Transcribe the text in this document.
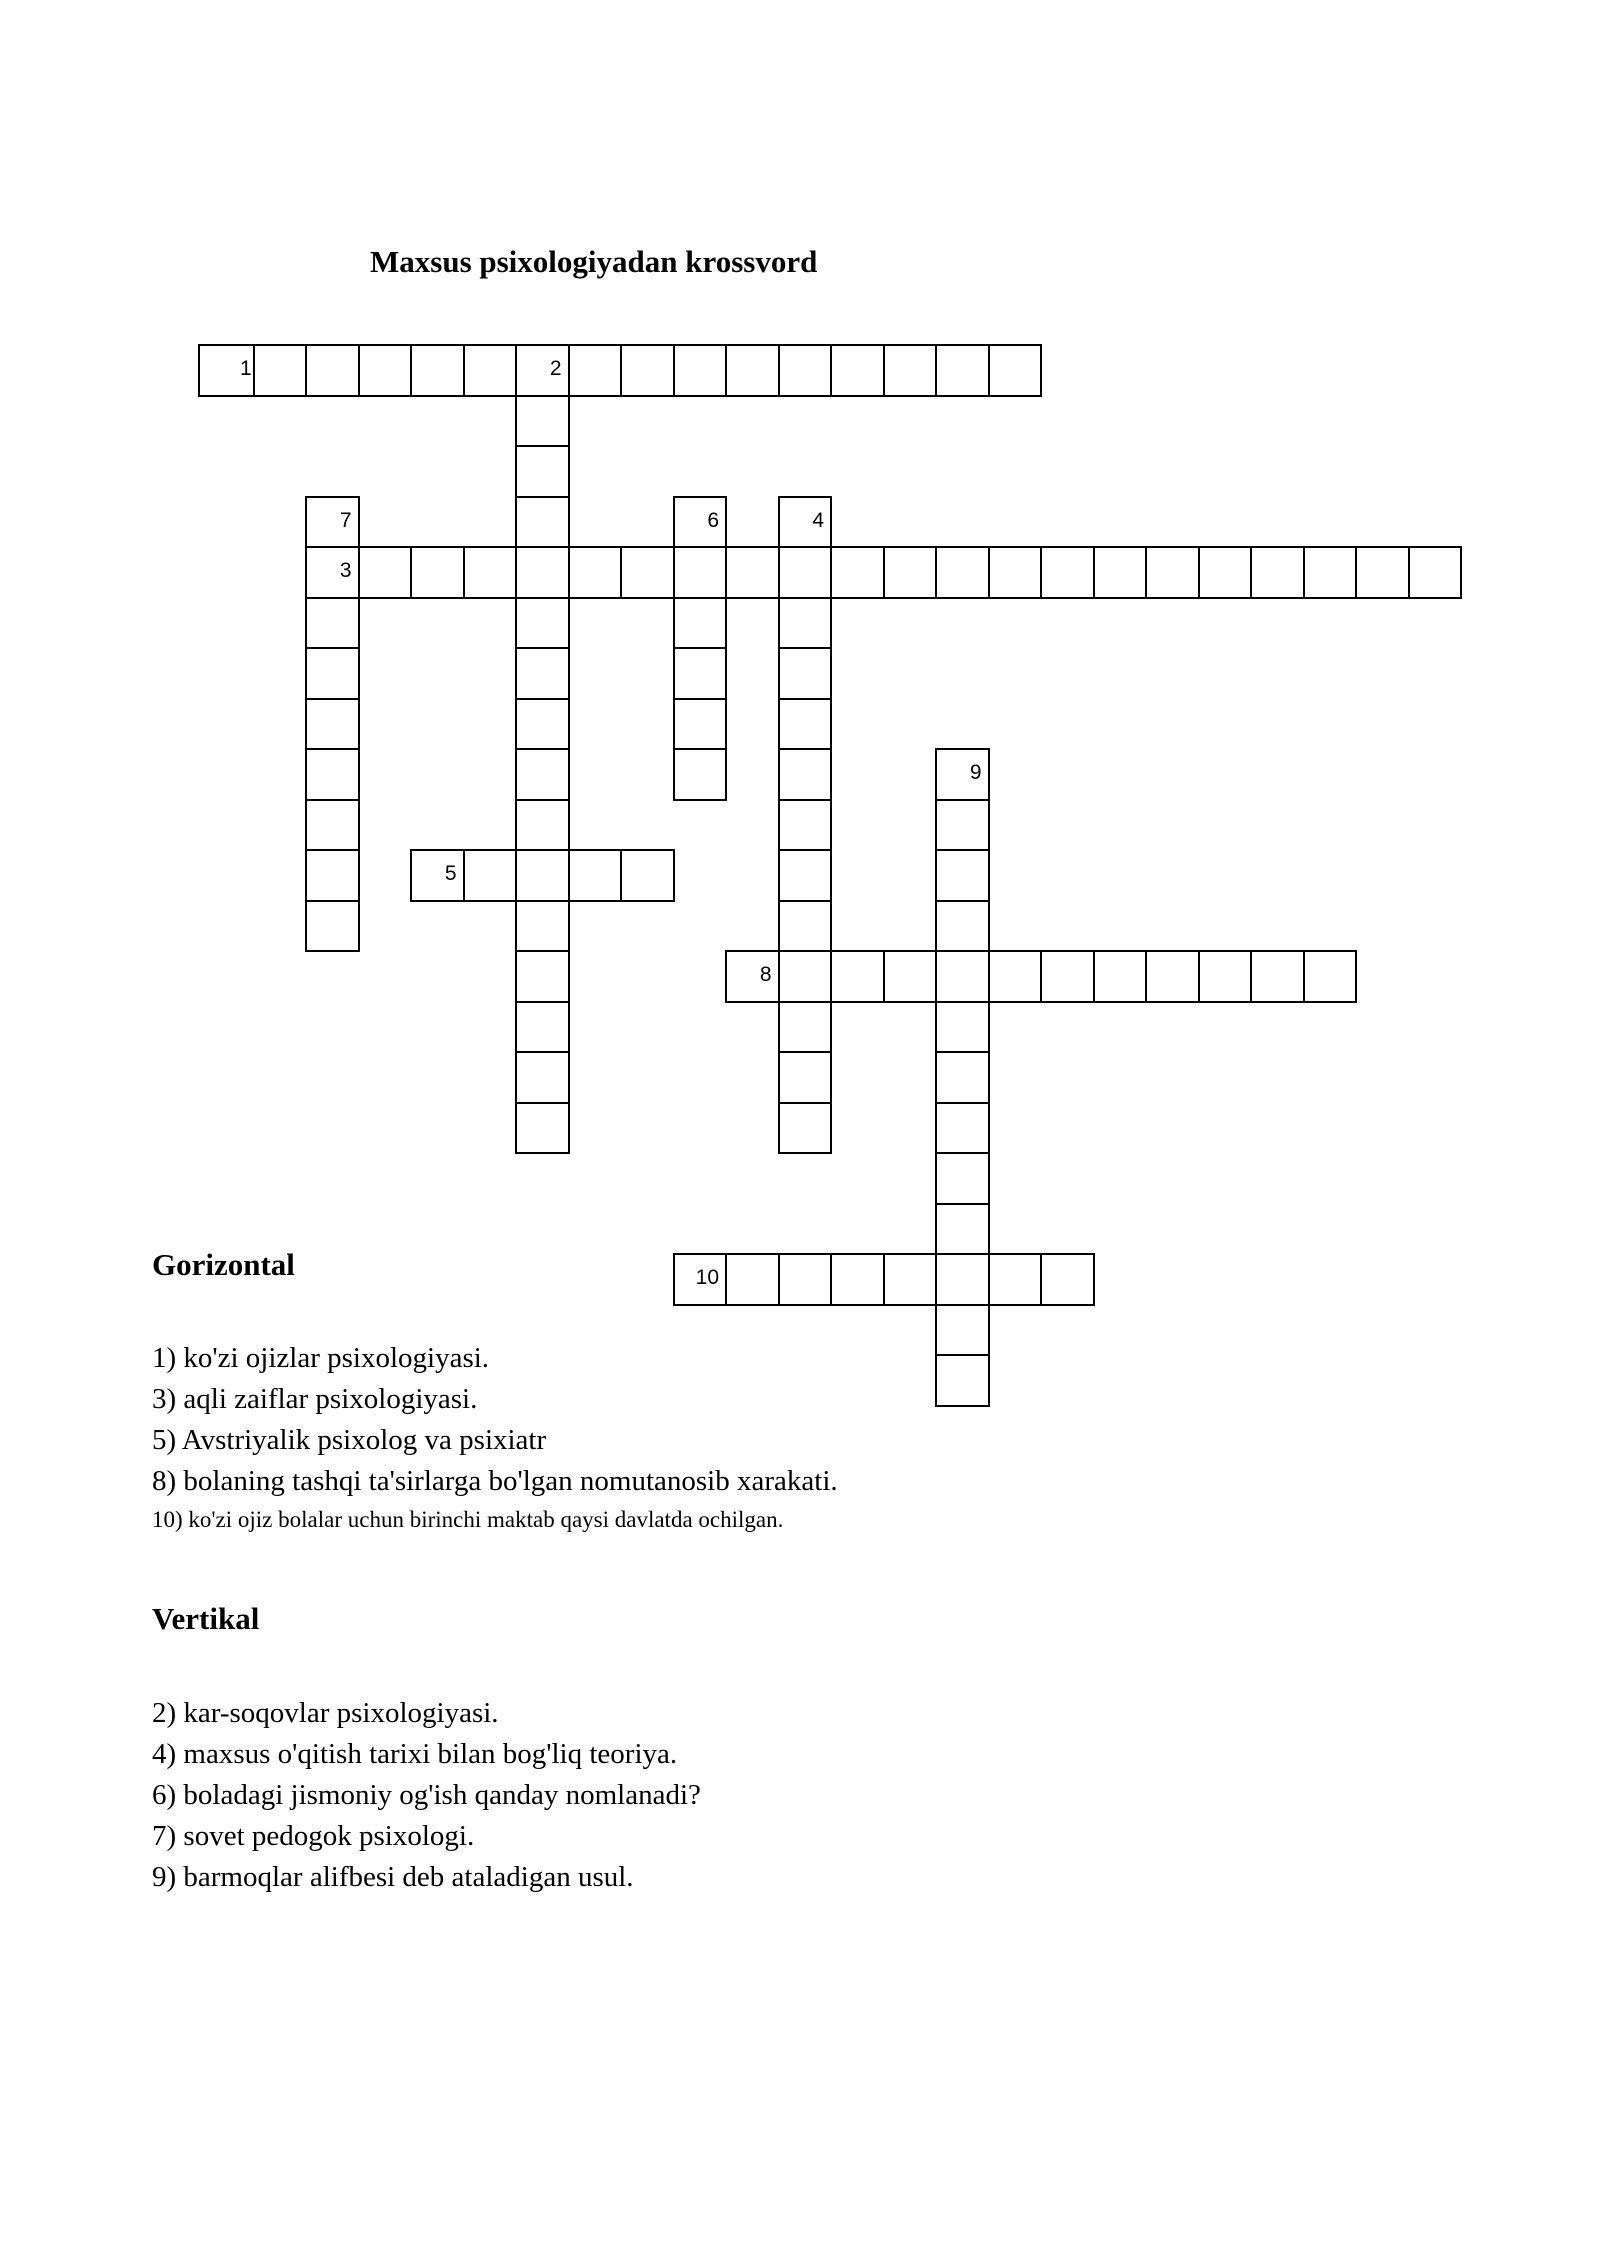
Maxsus psixologiyadan krossvord
1	2
7
3
6	4
9
5
8
10
Gorizontal
1) ko'zi ojizlar psixologiyasi.
3) aqli zaiflar psixologiyasi.
5) Avstriyalik psixolog va psixiatr
8) bolaning tashqi ta'sirlarga bo'lgan nomutanosib xarakati.
10) ko'zi ojiz bolalar uchun birinchi maktab qaysi davlatda ochilgan.
Vertikal
2) kar-soqovlar psixologiyasi.
4) maxsus o'qitish tarixi bilan bog'liq teoriya.
6) boladagi jismoniy og'ish qanday nomlanadi?
7) sovet pedogok psixologi.
9) barmoqlar alifbesi deb ataladigan usul.
